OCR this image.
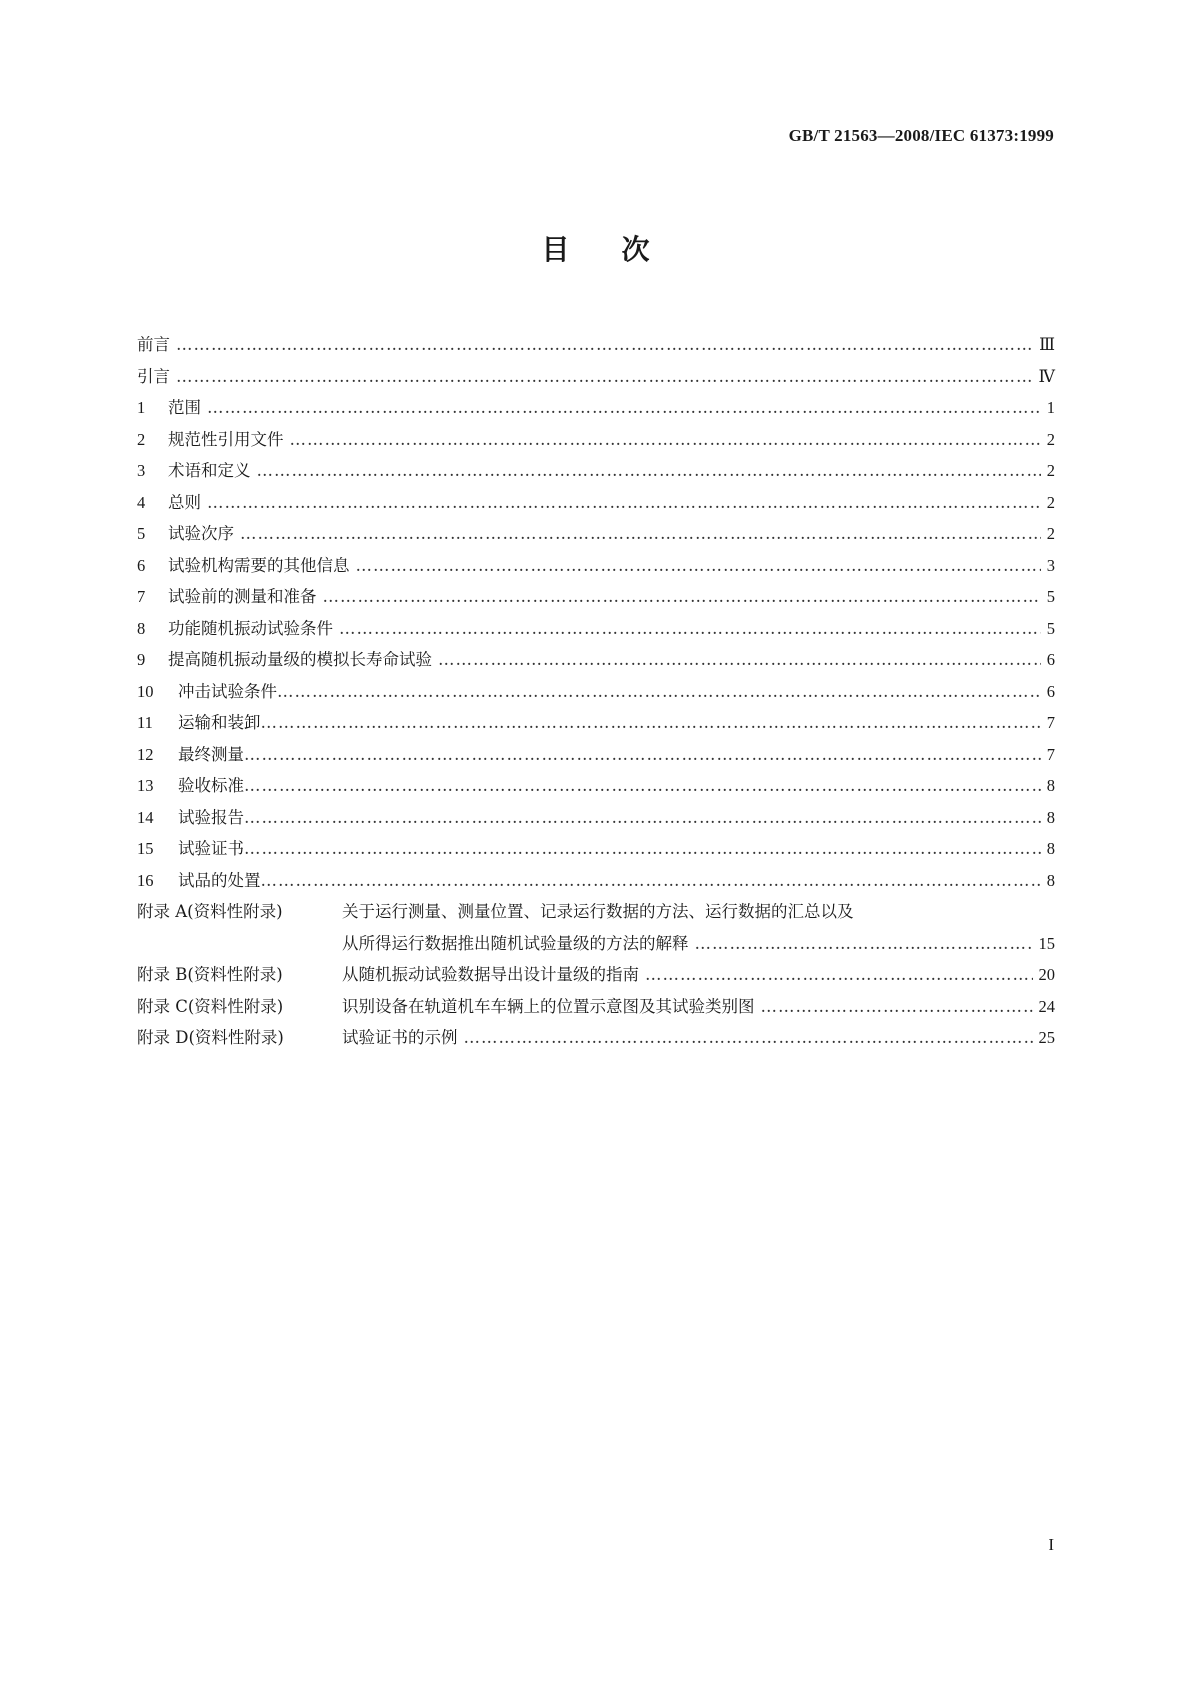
GB/T 21563—2008/IEC 61373:1999
目次
前言 ……………………………………………………………………………………………………………………………………………………………………………………	Ⅲ
引言 ……………………………………………………………………………………………………………………………………………………………………………………	Ⅳ
1	范围 ……………………………………………………………………………………………………………………………………………………………………………………	1
2	规范性引用文件 ……………………………………………………………………………………………………………………………………………………………………………………	2
3	术语和定义 ……………………………………………………………………………………………………………………………………………………………………………………	2
4	总则 ……………………………………………………………………………………………………………………………………………………………………………………	2
5	试验次序 ……………………………………………………………………………………………………………………………………………………………………………………	2
6	试验机构需要的其他信息 ……………………………………………………………………………………………………………………………………………………………………………………	3
7	试验前的测量和准备 ……………………………………………………………………………………………………………………………………………………………………………………	5
8	功能随机振动试验条件 ……………………………………………………………………………………………………………………………………………………………………………………	5
9	提高随机振动量级的模拟长寿命试验 ……………………………………………………………………………………………………………………………………………………………………………………	6
10	冲击试验条件 ……………………………………………………………………………………………………………………………………………………………………………………	6
11	运输和装卸 ……………………………………………………………………………………………………………………………………………………………………………………	7
12	最终测量 ……………………………………………………………………………………………………………………………………………………………………………………	7
13	验收标准 ……………………………………………………………………………………………………………………………………………………………………………………	8
14	试验报告 ……………………………………………………………………………………………………………………………………………………………………………………	8
15	试验证书 ……………………………………………………………………………………………………………………………………………………………………………………	8
16	试品的处置 ……………………………………………………………………………………………………………………………………………………………………………………	8
附录 A(资料性附录)	关于运行测量、测量位置、记录运行数据的方法、运行数据的汇总以及
从所得运行数据推出随机试验量级的方法的解释 ……………………………………………………………………………………………………………………………………………………………………………………	15
附录 B(资料性附录)	从随机振动试验数据导出设计量级的指南 ……………………………………………………………………………………………………………………………………………………………………………………	20
附录 C(资料性附录)	识别设备在轨道机车车辆上的位置示意图及其试验类别图 ……………………………………………………………………………………………………………………………………………………………………………………	24
附录 D(资料性附录)	试验证书的示例 ……………………………………………………………………………………………………………………………………………………………………………………	25
I
